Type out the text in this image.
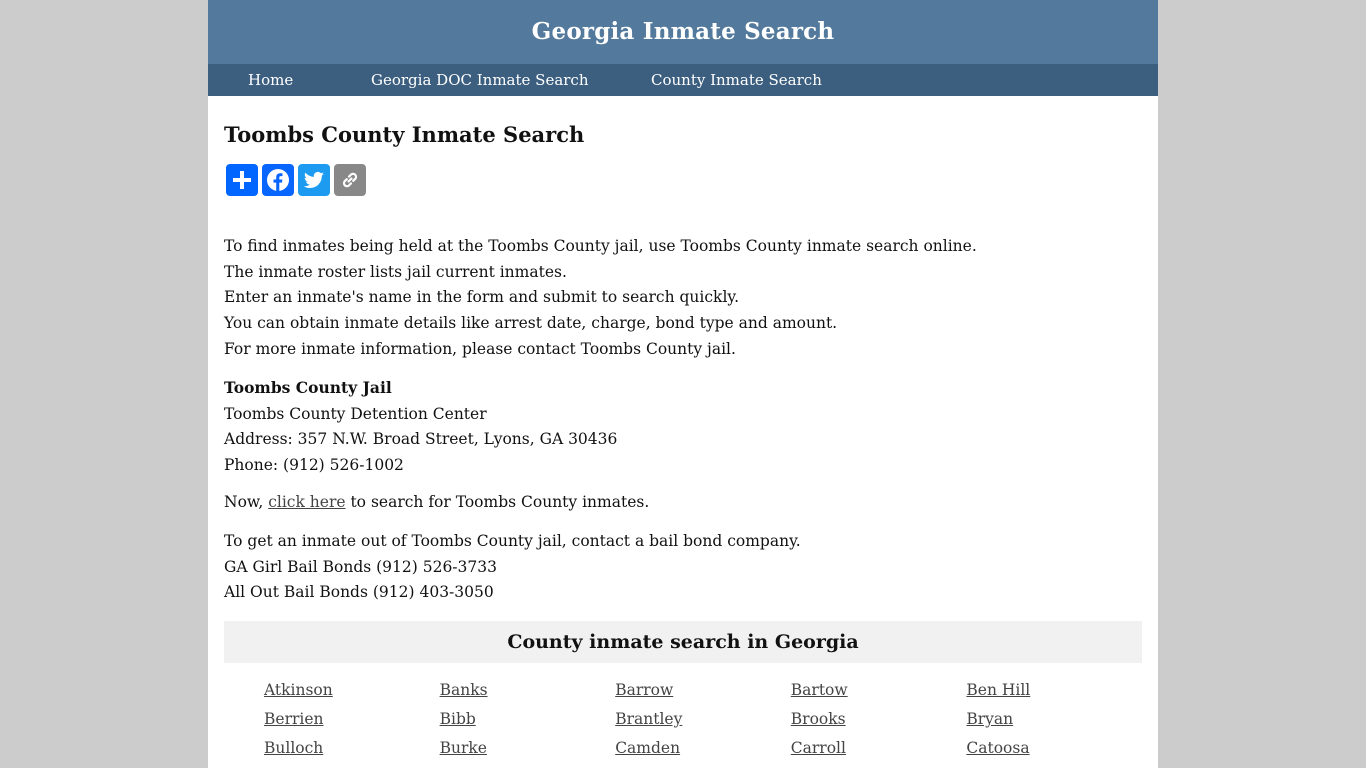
Georgia Inmate Search
Home	Georgia DOC Inmate Search	County Inmate Search
Toombs County Inmate Search

To find inmates being held at the Toombs County jail, use Toombs County inmate search online.

The inmate roster lists jail current inmates.

Enter an inmate's name in the form and submit to search quickly.

You can obtain inmate details like arrest date, charge, bond type and amount.

For more inmate information, please contact Toombs County jail.

Toombs County Jail

Toombs County Detention Center

Address: 357 N.W. Broad Street, Lyons, GA 30436

Phone: (912) 526-1002

Now, click here to search for Toombs County inmates.

To get an inmate out of Toombs County jail, contact a bail bond company.

GA Girl Bail Bonds (912) 526-3733

All Out Bail Bonds (912) 403-3050

County inmate search in Georgia
Atkinson	Banks	Barrow	Bartow	Ben Hill
Berrien	Bibb	Brantley	Brooks	Bryan
Bulloch	Burke	Camden	Carroll	Catoosa
